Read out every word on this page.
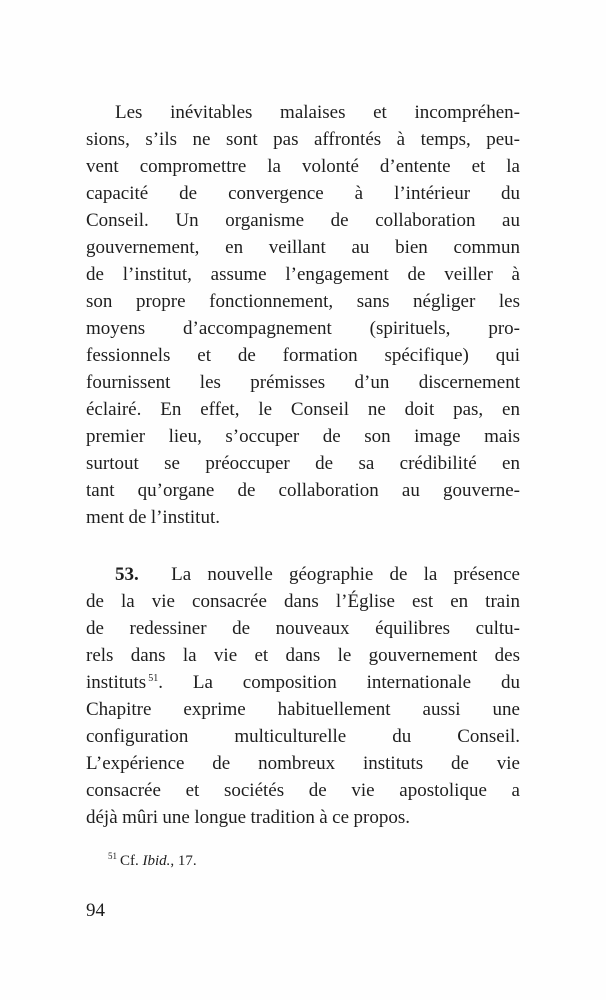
Les inévitables malaises et incompréhen-
sions, s’ils ne sont pas affrontés à temps, peu-
vent compromettre la volonté d’entente et la
capacité de convergence à l’intérieur du
Conseil. Un organisme de collaboration au
gouvernement, en veillant au bien commun
de l’institut, assume l’engagement de veiller à
son propre fonctionnement, sans négliger les
moyens d’accompagnement (spirituels, pro-
fessionnels et de formation spécifique) qui
fournissent les prémisses d’un discernement
éclairé. En effet, le Conseil ne doit pas, en
premier lieu, s’occuper de son image mais
surtout se préoccuper de sa crédibilité en
tant qu’organe de collaboration au gouverne-
ment de l’institut.
53.  La nouvelle géographie de la présence
de la vie consacrée dans l’Église est en train
de redessiner de nouveaux équilibres cultu-
rels dans la vie et dans le gouvernement des
instituts $^{51}$. La composition internationale du
Chapitre exprime habituellement aussi une
configuration multiculturelle du Conseil.
L’expérience de nombreux instituts de vie
consacrée et sociétés de vie apostolique a
déjà mûri une longue tradition à ce propos.
$^{51}$ Cf. Ibid., 17.
94
